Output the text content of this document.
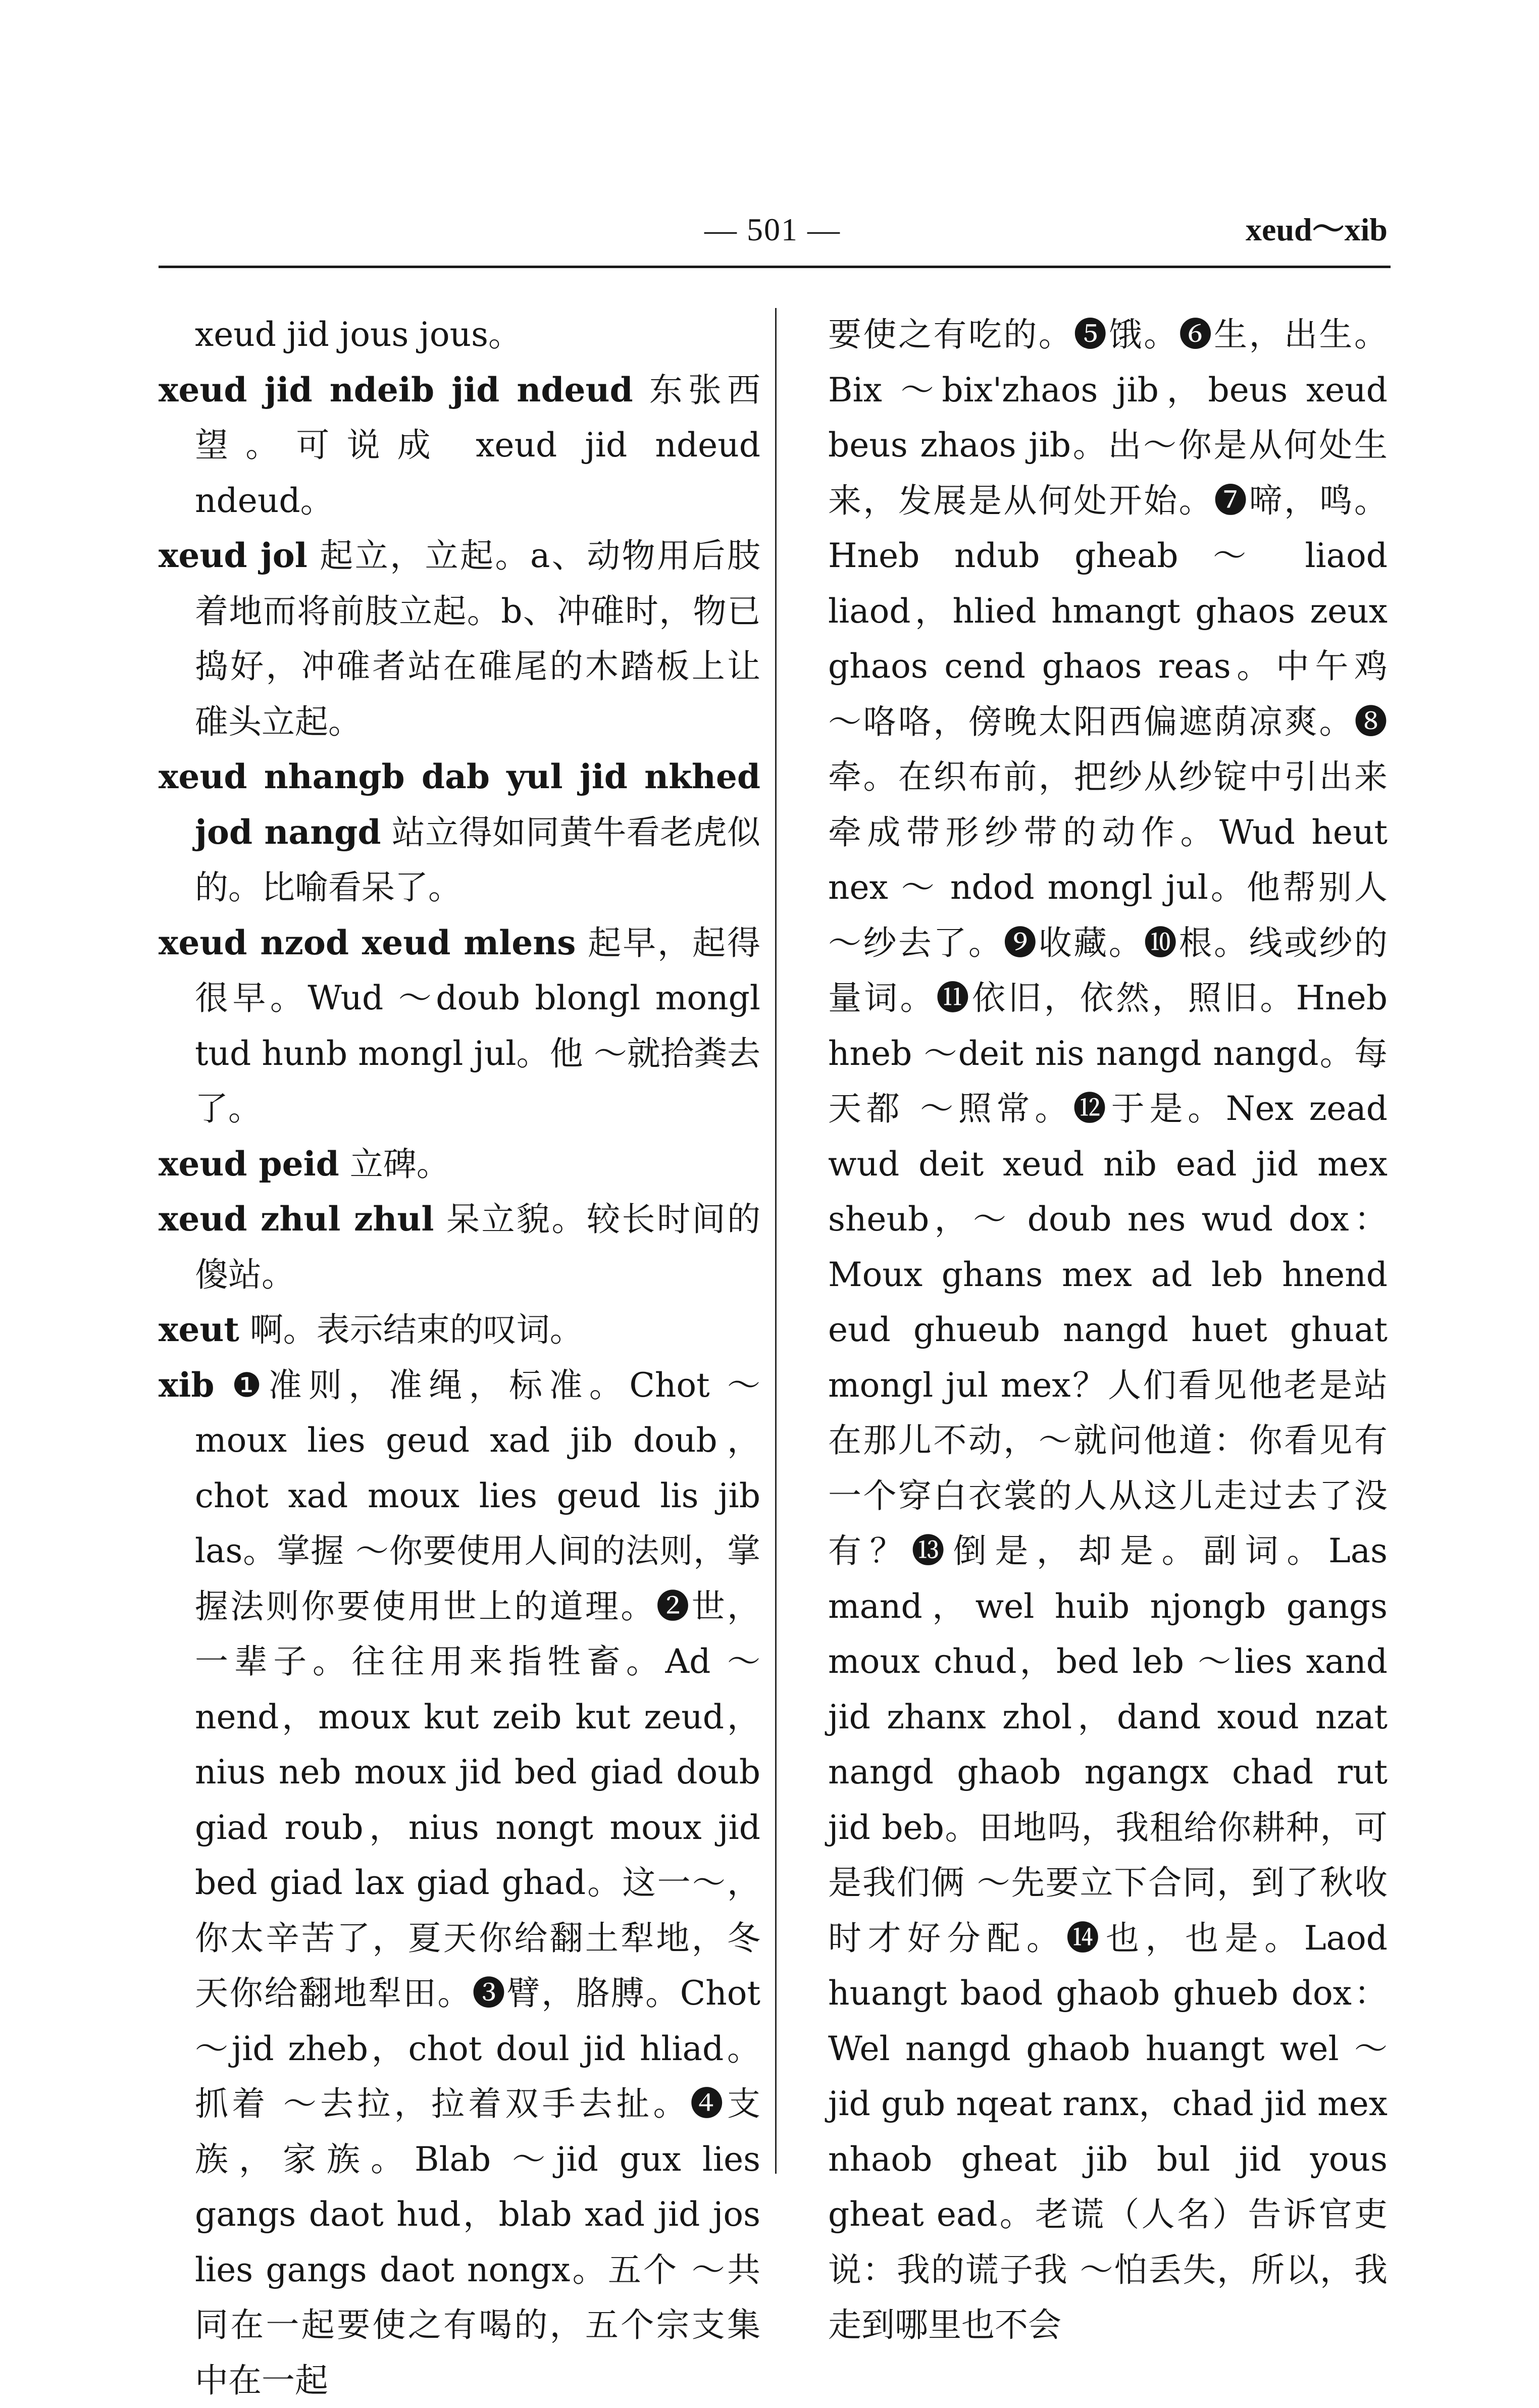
— 501 —	xeud～xib

xeud jid jous jous。

xeud jid ndeib jid ndeud 东张西望。可说成 xeud jid ndeud ndeud。

xeud jol 起立，立起。a、动物用后肢着地而将前肢立起。b、冲碓时，物已捣好，冲碓者站在碓尾的木踏板上让碓头立起。

xeud nhangb dab yul jid nkhed jod nangd 站立得如同黄牛看老虎似的。比喻看呆了。

xeud nzod xeud mlens 起早，起得很早。Wud ～doub blongl mongl tud hunb mongl jul。他 ～就拾粪去了。

xeud peid 立碑。

xeud zhul zhul 呆立貌。较长时间的傻站。

xeut 啊。表示结束的叹词。

xib ❶准则，准绳，标准。Chot ～moux lies geud xad jib doub，chot xad moux lies geud lis jib las。掌握 ～你要使用人间的法则，掌握法则你要使用世上的道理。❷世，一辈子。往往用来指牲畜。Ad ～nend，moux kut zeib kut zeud，nius neb moux jid bed giad doub giad roub，nius nongt moux jid bed giad lax giad ghad。这一～，你太辛苦了，夏天你给翻土犁地，冬天你给翻地犁田。❸臂，胳膊。Chot ～jid zheb，chot doul jid hliad。抓着 ～去拉，拉着双手去扯。❹支族，家族。Blab ～jid gux lies gangs daot hud，blab xad jid jos lies gangs daot nongx。五个 ～共同在一起要使之有喝的，五个宗支集中在一起

要使之有吃的。❺饿。❻生，出生。Bix ～bix'zhaos jib，beus xeud beus zhaos jib。出～你是从何处生来，发展是从何处开始。❼啼，鸣。Hneb ndub gheab ～ liaod liaod，hlied hmangt ghaos zeux ghaos cend ghaos reas。中午鸡 ～咯咯，傍晚太阳西偏遮荫凉爽。❽牵。在织布前，把纱从纱锭中引出来牵成带形纱带的动作。Wud heut nex ～ ndod mongl jul。他帮别人 ～纱去了。❾收藏。❿根。线或纱的量词。⓫依旧，依然，照旧。Hneb hneb ～deit nis nangd nangd。每天都 ～照常。⓬于是。Nex zead wud deit xeud nib ead jid mex sheub，～ doub nes wud dox：Moux ghans mex ad leb hnend eud ghueub nangd huet ghuat mongl jul mex？人们看见他老是站在那儿不动，～就问他道：你看见有一个穿白衣裳的人从这儿走过去了没有？⓭倒是，却是。副词。Las mand，wel huib njongb gangs moux chud，bed leb ～lies xand jid zhanx zhol，dand xoud nzat nangd ghaob ngangx chad rut jid beb。田地吗，我租给你耕种，可是我们俩 ～先要立下合同，到了秋收时才好分配。⓮也，也是。Laod huangt baod ghaob ghueb dox：Wel nangd ghaob huangt wel ～jid gub nqeat ranx，chad jid mex nhaob gheat jib bul jid yous gheat ead。老谎（人名）告诉官吏说：我的谎子我 ～怕丢失，所以，我走到哪里也不会
